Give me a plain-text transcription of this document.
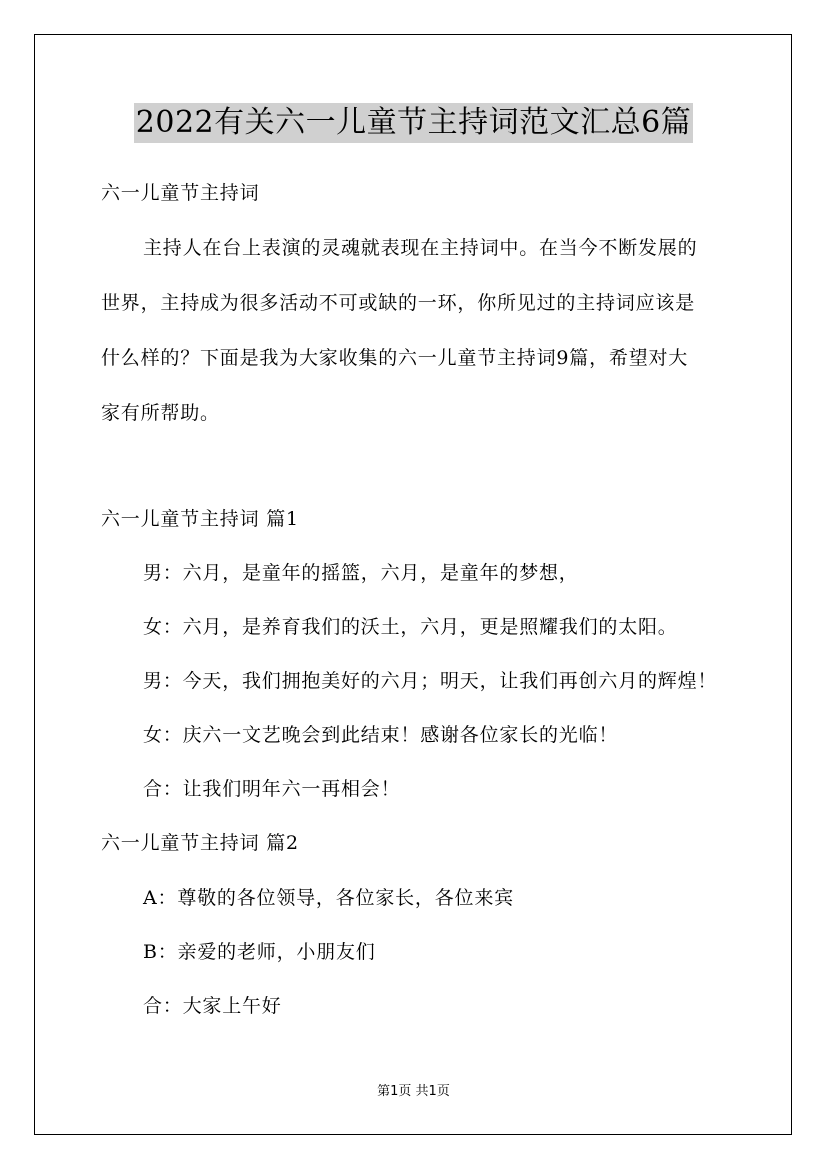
2022有关六一儿童节主持词范文汇总6篇
六一儿童节主持词
主持人在台上表演的灵魂就表现在主持词中。在当今不断发展的
世界，主持成为很多活动不可或缺的一环，你所见过的主持词应该是
什么样的？下面是我为大家收集的六一儿童节主持词9篇，希望对大
家有所帮助。
六一儿童节主持词 篇1
男：六月，是童年的摇篮，六月，是童年的梦想，
女：六月，是养育我们的沃土，六月，更是照耀我们的太阳。
男：今天，我们拥抱美好的六月；明天，让我们再创六月的辉煌！
女：庆六一文艺晚会到此结束！感谢各位家长的光临！
合：让我们明年六一再相会！
六一儿童节主持词 篇2
A：尊敬的各位领导，各位家长，各位来宾
B：亲爱的老师，小朋友们
合：大家上午好
第1页 共1页
